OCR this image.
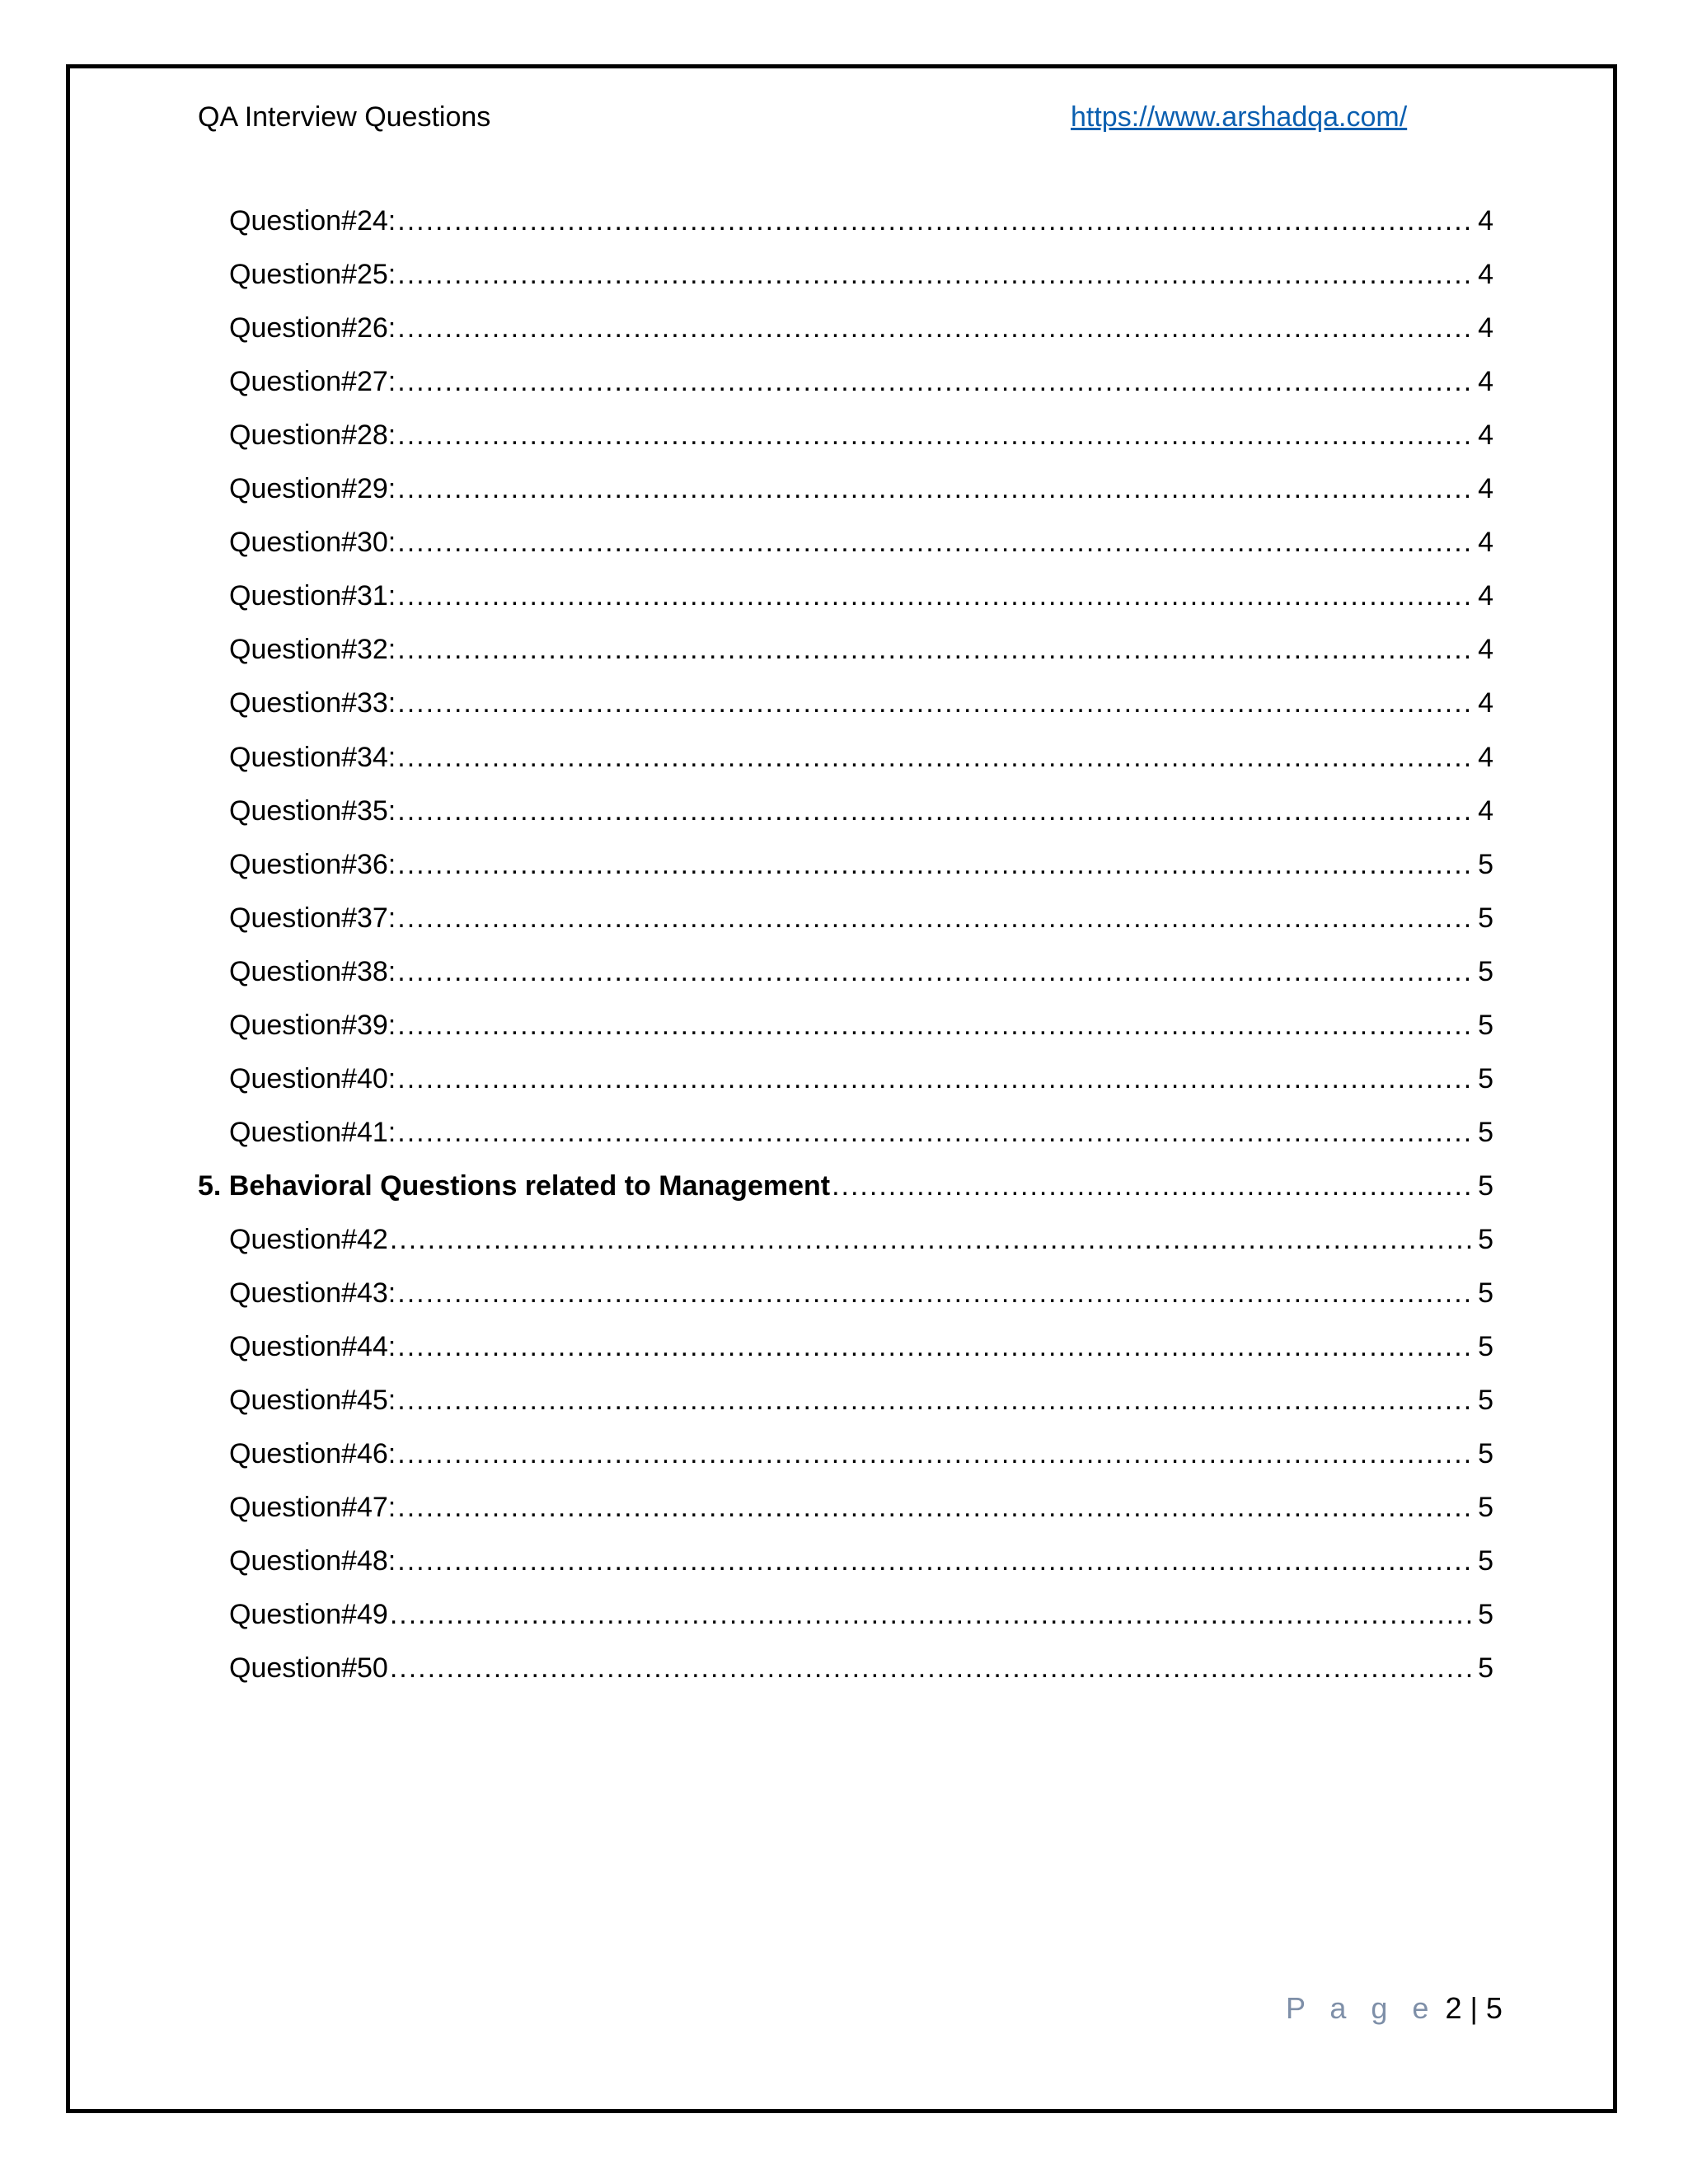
QA Interview Questions	https://www.arshadqa.com/
Question#24: .....	4
Question#25: .....	4
Question#26: .....	4
Question#27: .....	4
Question#28: .....	4
Question#29: .....	4
Question#30: .....	4
Question#31: .....	4
Question#32: .....	4
Question#33: .....	4
Question#34: .....	4
Question#35: .....	4
Question#36: .....	5
Question#37: .....	5
Question#38: .....	5
Question#39: .....	5
Question#40: .....	5
Question#41: .....	5
5. Behavioral Questions related to Management .....	5
Question#42 .....	5
Question#43: .....	5
Question#44: .....	5
Question#45: .....	5
Question#46: .....	5
Question#47: .....	5
Question#48: .....	5
Question#49 .....	5
Question#50 .....	5
P a g e 2 | 5
